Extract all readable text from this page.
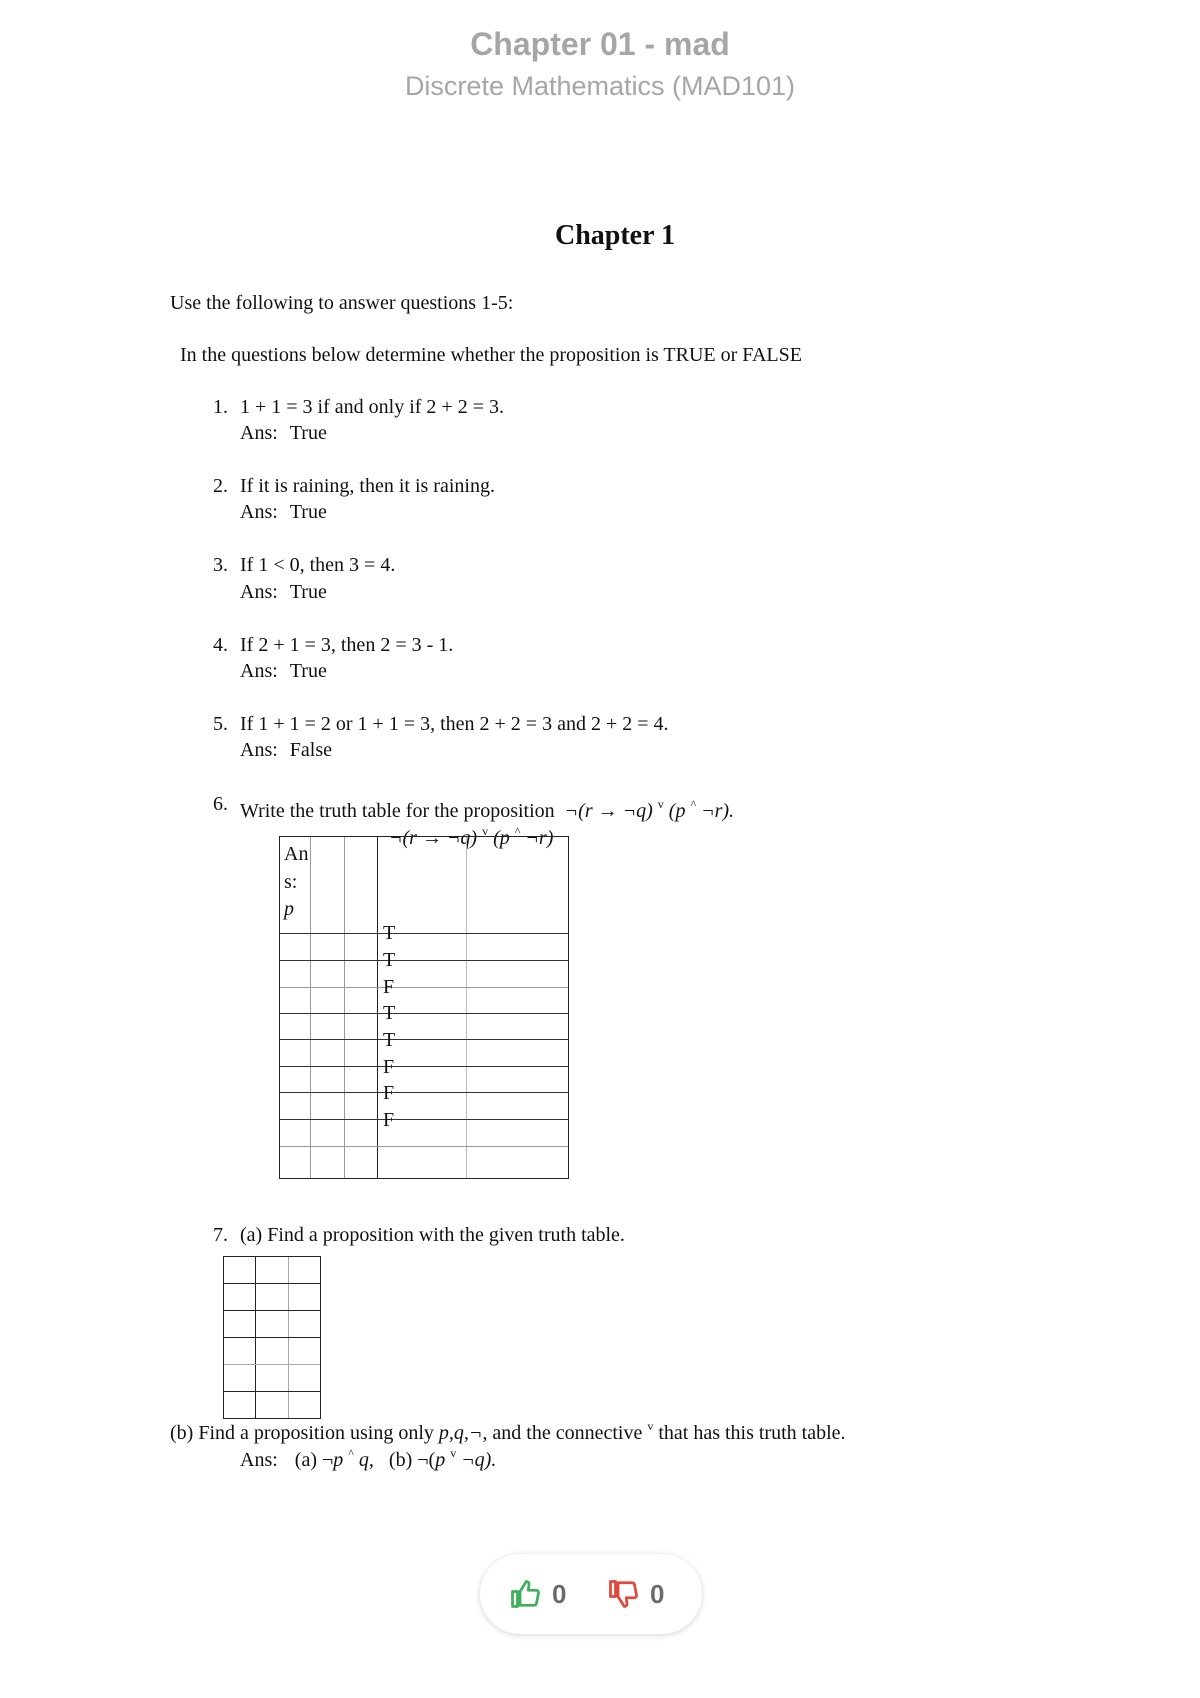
Chapter 01 - mad
Discrete Mathematics (MAD101)
Chapter 1
Use the following to answer questions 1-5:
In the questions below determine whether the proposition is TRUE or FALSE
1. 1 + 1 = 3 if and only if 2 + 2 = 3.
Ans: True
2. If it is raining, then it is raining.
Ans: True
3. If 1 < 0, then 3 = 4.
Ans: True
4. If 2 + 1 = 3, then 2 = 3 - 1.
Ans: True
5. If 1 + 1 = 2 or 1 + 1 = 3, then 2 + 2 = 3 and 2 + 2 = 4.
Ans: False
6. Write the truth table for the proposition ¬(r → ¬q) $^v$ (p ^ ¬r).
¬(r → ¬q) $^v$ (p ^ ¬r)
An
s:
p
T
T
F
T
T
F
F
F
7. (a) Find a proposition with the given truth table.
(b) Find a proposition using only p,q,¬, and the connective $^v$ that has this truth table.
Ans: (a) ¬p ^ q, (b) ¬(p $^v$ ¬q).
0	0
